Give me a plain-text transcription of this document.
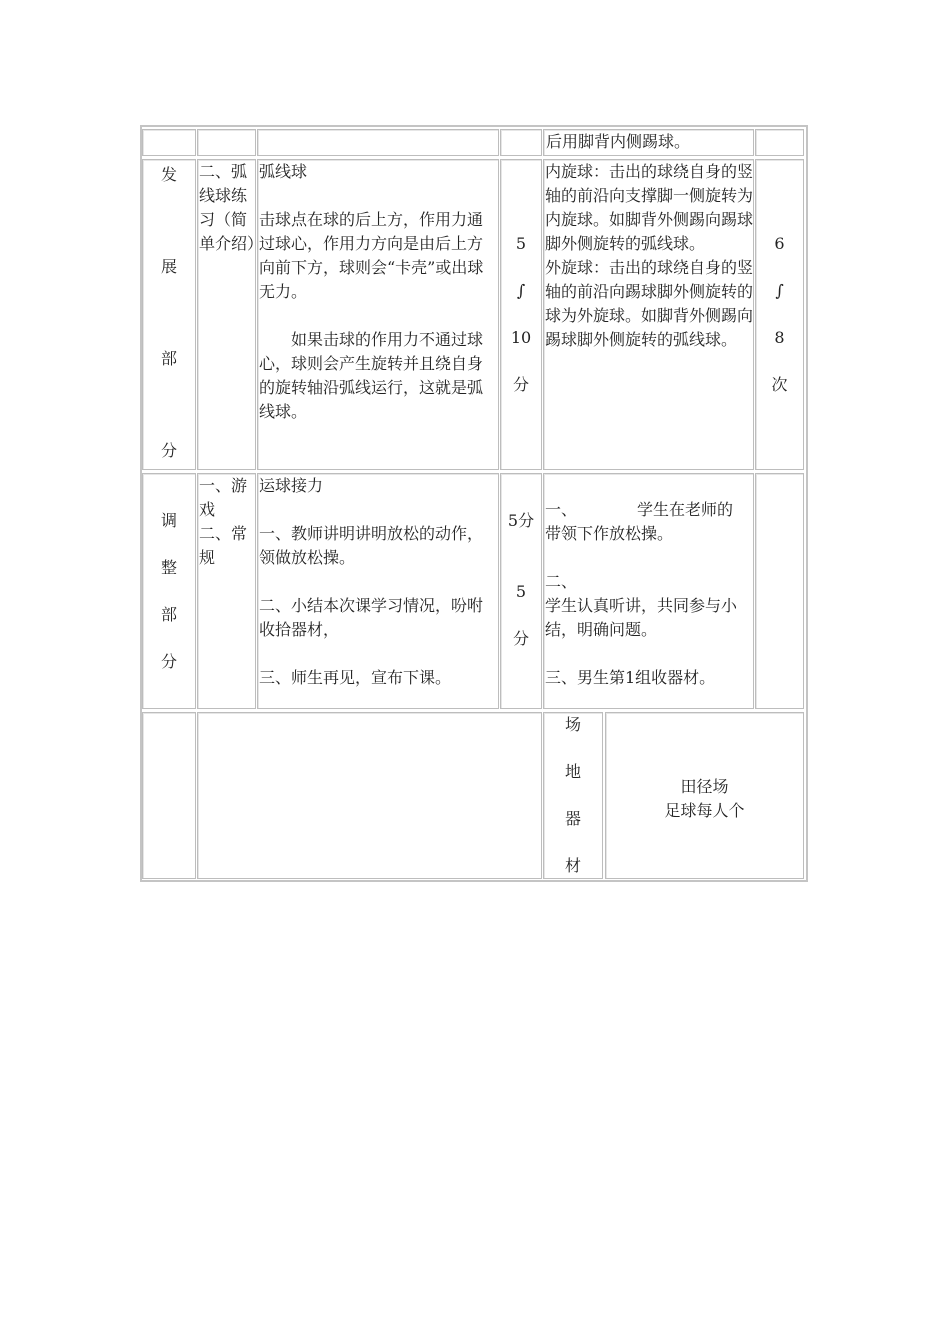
后用脚背内侧踢球。
发
展
部
分
二、弧线球练习（简单介绍）

弧线球

击球点在球的后上方，作用力通过球心，作用力方向是由后上方向前下方，球则会“卡壳”或出球无力。

如果击球的作用力不通过球心，球则会产生旋转并且绕自身的旋转轴沿弧线运行，这就是弧线球。

5
∫
10
分

内旋球：击出的球绕自身的竖轴的前沿向支撑脚一侧旋转为内旋球。如脚背外侧踢向踢球脚外侧旋转的弧线球。

外旋球：击出的球绕自身的竖轴的前沿向踢球脚外侧旋转的球为外旋球。如脚背外侧踢向踢球脚外侧旋转的弧线球。

6
∫
8
次
调
整
部
分

一、游戏

二、常规

运球接力

一、教师讲明讲明放松的动作，领做放松操。

二、小结本次课学习情况，吩咐收拾器材，

三、师生再见，宣布下课。

5分
5
分

一、	学生在老师的

带领下作放松操。

二、

学生认真听讲，共同参与小结，明确问题。

三、男生第1组收器材。

场
地
器
材

田径场

足球每人个
